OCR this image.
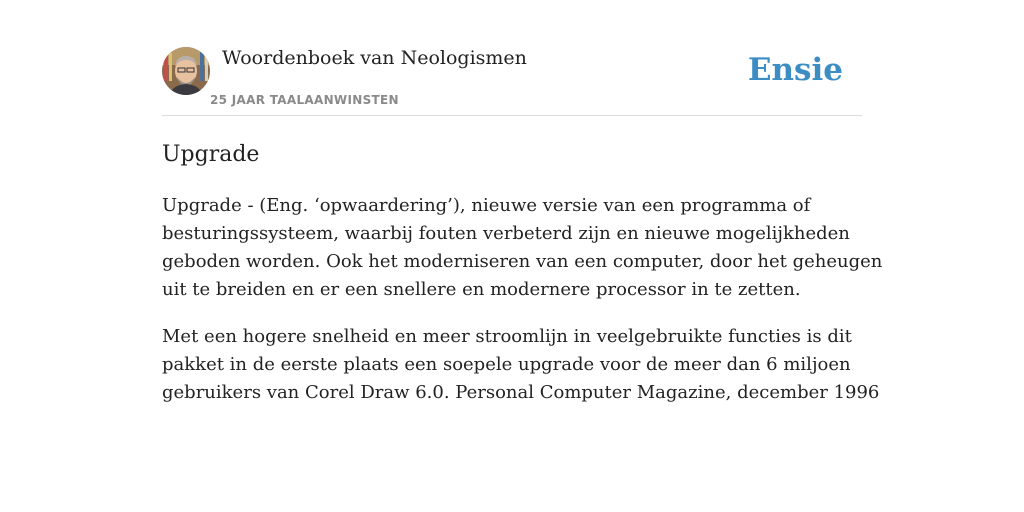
Woordenboek van Neologismen
25 JAAR TAALAANWINSTEN
Ensie
Upgrade

Upgrade - (Eng. ‘opwaardering’), nieuwe versie van een programma of
besturingssysteem, waarbij fouten verbeterd zijn en nieuwe mogelijkheden
geboden worden. Ook het moderniseren van een computer, door het geheugen
uit te breiden en er een snellere en modernere processor in te zetten.

Met een hogere snelheid en meer stroomlijn in veelgebruikte functies is dit
pakket in de eerste plaats een soepele upgrade voor de meer dan 6 miljoen
gebruikers van Corel Draw 6.0. Personal Computer Magazine, december 1996
